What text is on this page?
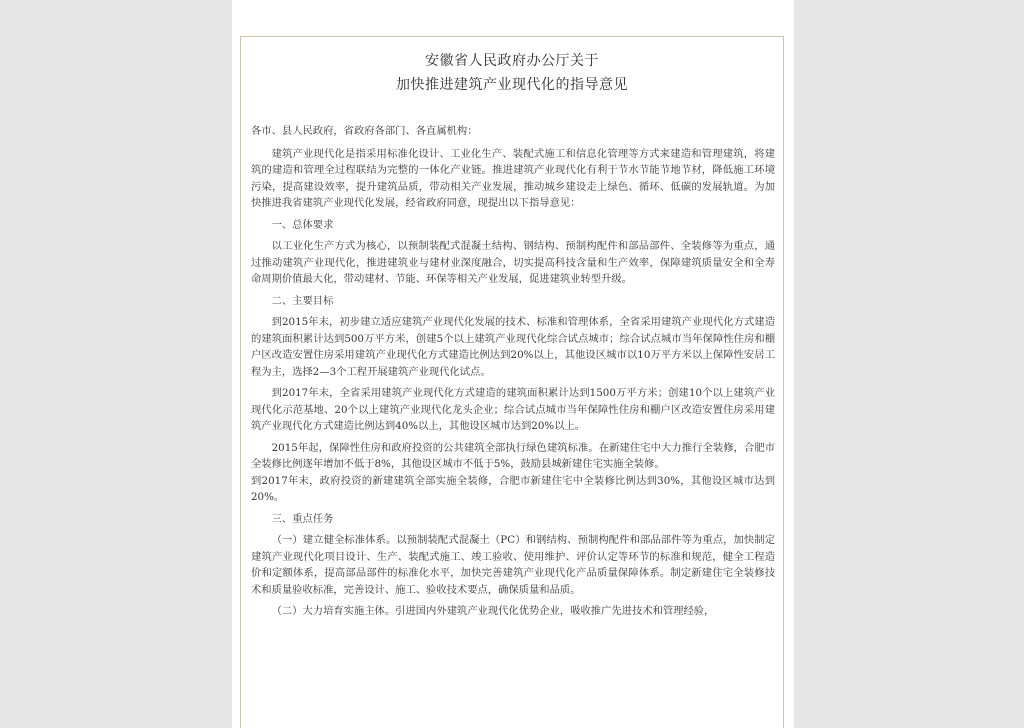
安徽省人民政府办公厅关于
加快推进建筑产业现代化的指导意见

各市、县人民政府，省政府各部门、各直属机构：

建筑产业现代化是指采用标准化设计、工业化生产、装配式施工和信息化管理等方式来建造和管理建筑，将建筑的建造和管理全过程联结为完整的一体化产业链。推进建筑产业现代化有利于节水节能节地节材，降低施工环境污染，提高建设效率，提升建筑品质，带动相关产业发展，推动城乡建设走上绿色、循环、低碳的发展轨道。为加快推进我省建筑产业现代化发展，经省政府同意，现提出以下指导意见：

一、总体要求

以工业化生产方式为核心，以预制装配式混凝土结构、钢结构、预制构配件和部品部件、全装修等为重点，通过推动建筑产业现代化，推进建筑业与建材业深度融合，切实提高科技含量和生产效率，保障建筑质量安全和全寿命周期价值最大化，带动建材、节能、环保等相关产业发展，促进建筑业转型升级。

二、主要目标

到2015年末，初步建立适应建筑产业现代化发展的技术、标准和管理体系，全省采用建筑产业现代化方式建造的建筑面积累计达到500万平方米，创建5个以上建筑产业现代化综合试点城市；综合试点城市当年保障性住房和棚户区改造安置住房采用建筑产业现代化方式建造比例达到20%以上，其他设区城市以10万平方米以上保障性安居工程为主，选择2—3个工程开展建筑产业现代化试点。

到2017年末，全省采用建筑产业现代化方式建造的建筑面积累计达到1500万平方米；创建10个以上建筑产业现代化示范基地、20个以上建筑产业现代化龙头企业；综合试点城市当年保障性住房和棚户区改造安置住房采用建筑产业现代化方式建造比例达到40%以上，其他设区城市达到20%以上。

2015年起，保障性住房和政府投资的公共建筑全部执行绿色建筑标准。在新建住宅中大力推行全装修，合肥市全装修比例逐年增加不低于8%，其他设区城市不低于5%，鼓励县城新建住宅实施全装修。

到2017年末，政府投资的新建建筑全部实施全装修，合肥市新建住宅中全装修比例达到30%，其他设区城市达到20%。

三、重点任务

（一）建立健全标准体系。以预制装配式混凝土（PC）和钢结构、预制构配件和部品部件等为重点，加快制定建筑产业现代化项目设计、生产、装配式施工、竣工验收、使用维护、评价认定等环节的标准和规范，健全工程造价和定额体系，提高部品部件的标准化水平，加快完善建筑产业现代化产品质量保障体系。制定新建住宅全装修技术和质量验收标准，完善设计、施工、验收技术要点，确保质量和品质。

（二）大力培育实施主体。引进国内外建筑产业现代化优势企业，吸收推广先进技术和管理经验，
